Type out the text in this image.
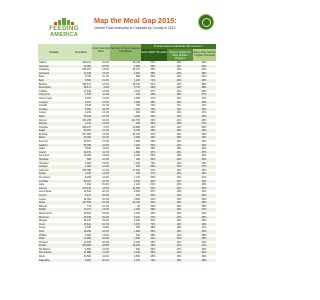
FEEDING
AMERICA
Map the Meal Gap 2015:
Overall Food Insecurity in Colorado by County in 2013
County	Population
Food Insecurity Rate
Number of Food Insecure Individuals
% food insecure individuals with income in:
Below SNAP Threshold	Between SNAP and Other Nutrition Programs
Above Other Nutrition Program Threshold
Adams	460,231	15.0%	69,130	61%	13%	26%
Alamosa	16,093	18.5%	2,980	69%	11%	20%
Arapahoe	595,267	13.8%	82,170	56%	12%	32%
Archuleta	12,108	13.4%	1,620	58%	14%	28%
Baca	3,765	15.7%	590	64%	12%	24%
Bent	5,830	21.3%	1,240	71%	10%	19%
Boulder	306,517	12.5%	38,310	51%	11%	38%
Broomfield	59,471	9.6%	5,710	38%	14%	48%
Chaffee	17,910	12.9%	2,310	57%	14%	29%
Cheyenne	1,878	11.4%	210	48%	15%	37%
Clear Creek	9,034	11.6%	1,050	47%	16%	37%
Conejos	8,251	17.9%	1,480	68%	12%	20%
Costilla	3,518	21.7%	760	74%	9%	17%
Crowley	5,823	19.2%	1,120	70%	11%	19%
Custer	4,234	14.1%	600	59%	14%	27%
Delta	30,344	14.7%	4,460	62%	13%	25%
Denver	634,265	16.2%	102,750	60%	12%	28%
Dolores	2,011	14.9%	300	60%	13%	27%
Douglas	298,215	8.0%	23,860	35%	12%	53%
Eagle	52,067	11.1%	5,780	45%	15%	40%
El Paso	637,063	14.5%	92,370	57%	13%	30%
Elbert	23,383	10.2%	2,390	42%	15%	43%
Fremont	46,837	17.0%	7,960	66%	12%	22%
Garfield	56,389	12.8%	7,220	52%	14%	34%
Gilpin	5,522	11.9%	660	49%	15%	36%
Grand	14,479	11.7%	1,690	47%	16%	37%
Gunnison	15,396	13.0%	2,000	55%	13%	32%
Hinsdale	805	12.3%	100	53%	14%	33%
Huerfano	6,606	19.5%	1,290	70%	11%	19%
Jackson	1,393	14.2%	200	60%	13%	27%
Jefferson	545,358	12.4%	67,620	51%	13%	36%
Kiowa	1,420	13.6%	190	57%	14%	29%
Kit Carson	8,158	14.3%	1,170	60%	13%	27%
La Plata	52,181	12.7%	6,630	52%	14%	34%
Lake	7,292	15.3%	1,120	62%	13%	25%
Larimer	310,433	13.5%	41,910	54%	12%	34%
Las Animas	14,543	18.1%	2,630	67%	12%	21%
Lincoln	5,447	15.9%	870	64%	12%	24%
Logan	22,364	15.1%	3,380	61%	13%	26%
Mesa	147,554	15.4%	22,720	61%	13%	26%
Mineral	713	12.1%	90	50%	15%	35%
Moffat	13,077	14.6%	1,910	59%	14%	27%
Montezuma	25,503	15.8%	4,030	63%	13%	24%
Montrose	40,839	15.2%	6,210	62%	13%	25%
Morgan	28,270	15.0%	4,240	61%	13%	26%
Otero	18,641	19.7%	3,670	70%	11%	19%
Ouray	4,525	11.8%	530	48%	15%	37%
Park	16,298	12.2%	1,990	50%	15%	35%
Phillips	4,380	13.9%	610	58%	14%	28%
Pitkin	17,268	10.6%	1,830	41%	14%	45%
Prowers	12,498	18.3%	2,290	68%	12%	20%
Pueblo	160,852	18.8%	30,240	68%	11%	21%
Rio Blanco	6,666	12.6%	840	53%	14%	33%
Rio Grande	11,888	17.2%	2,040	66%	12%	22%
Routt	23,509	11.0%	2,590	45%	15%	40%
Saguache	6,220	20.4%	1,270	72%	10%	18%
